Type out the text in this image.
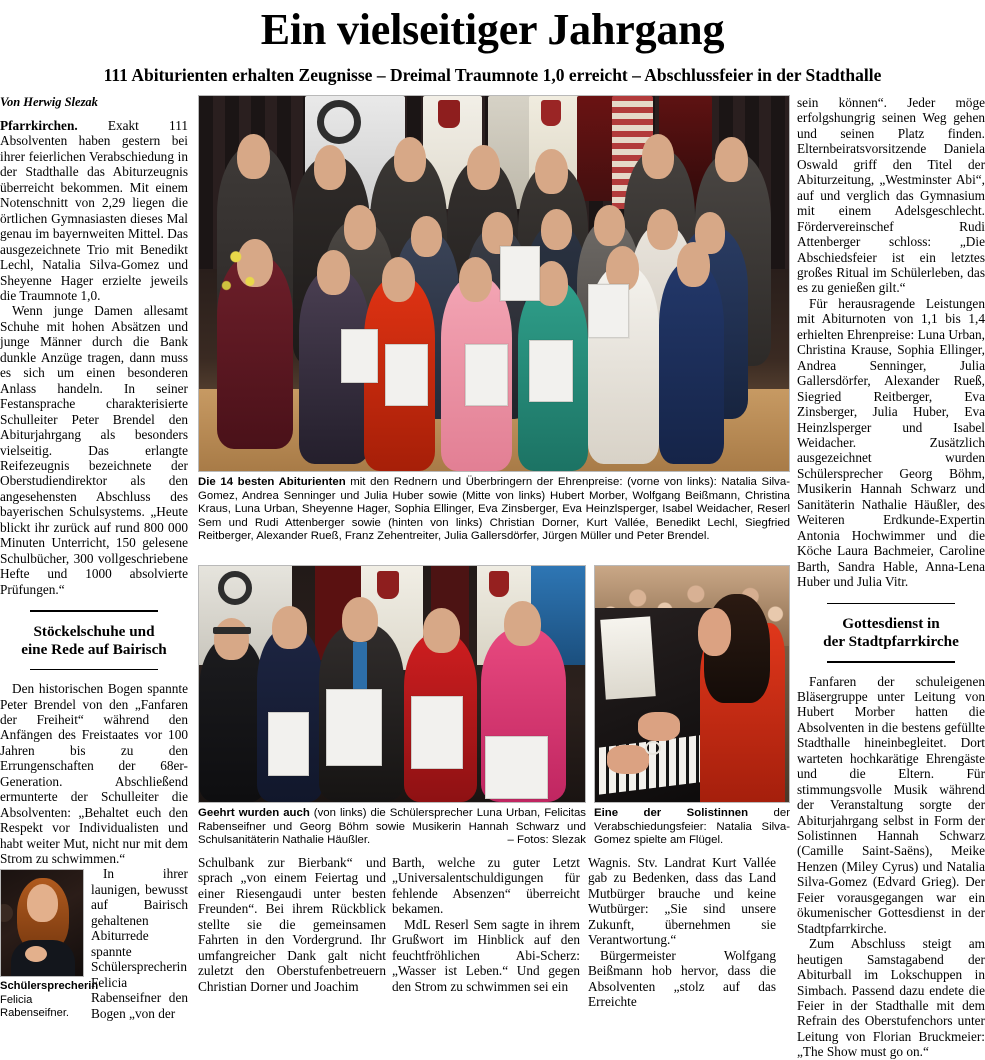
Ein vielseitiger Jahrgang
111 Abiturienten erhalten Zeugnisse – Dreimal Traumnote 1,0 erreicht – Abschlussfeier in der Stadthalle
Von Herwig Slezak

Pfarrkirchen. Exakt 111 Absolventen haben gestern bei ihrer feierlichen Verabschiedung in der Stadthalle das Abiturzeugnis überreicht bekommen. Mit einem Notenschnitt von 2,29 liegen die örtlichen Gymnasiasten dieses Mal genau im bayernweiten Mittel. Das ausgezeichnete Trio mit Benedikt Lechl, Natalia Silva-Gomez und Sheyenne Hager erzielte jeweils die Traumnote 1,0.

Wenn junge Damen allesamt Schuhe mit hohen Absätzen und junge Männer durch die Bank dunkle Anzüge tragen, dann muss es sich um einen besonderen Anlass handeln. In seiner Festansprache charakterisierte Schulleiter Peter Brendel den Abiturjahrgang als besonders vielseitig. Das erlangte Reifezeugnis bezeichnete der Oberstudiendirektor als den angesehensten Abschluss des bayerischen Schulsystems. „Heute blickt ihr zurück auf rund 800 000 Minuten Unterricht, 150 gelesene Schulbücher, 300 vollgeschriebene Hefte und 1000 absolvierte Prüfungen.“

Stöckelschuhe und
eine Rede auf Bairisch

Den historischen Bogen spannte Peter Brendel von den „Fanfaren der Freiheit“ während den Anfängen des Freistaates vor 100 Jahren bis zu den Errungenschaften der 68er-Generation. Abschließend ermunterte der Schulleiter die Absolventen: „Behaltet euch den Respekt vor Individualisten und habt weiter Mut, nicht nur mit dem Strom zu schwimmen.“

Schülersprecherin Felicia Rabenseifner.

In ihrer launigen, bewusst auf Bairisch gehaltenen Abiturrede spannte Schülersprecherin Felicia Rabenseifner den Bogen „von der

Die 14 besten Abiturienten mit den Rednern und Überbringern der Ehrenpreise: (vorne von links): Natalia Silva-Gomez, Andrea Senninger und Julia Huber sowie (Mitte von links) Hubert Morber, Wolfgang Beißmann, Christina Kraus, Luna Urban, Sheyenne Hager, Sophia Ellinger, Eva Zinsberger, Eva Heinzlsperger, Isabel Weidacher, Reserl Sem und Rudi Attenberger sowie (hinten von links) Christian Dorner, Kurt Vallée, Benedikt Lechl, Siegfried Reitberger, Alexander Rueß, Franz Zehentreiter, Julia Gallersdörfer, Jürgen Müller und Peter Brendel.
Geehrt wurden auch (von links) die Schülersprecher Luna Urban, Felicitas Rabenseifner und Georg Böhm sowie Musikerin Hannah Schwarz und Schulsanitäterin Nathalie Häußler.	– Fotos: Slezak
Eine der Solistinnen der Verabschiedungsfeier: Natalia Silva-Gomez spielte am Flügel.

Schulbank zur Bierbank“ und sprach „von einem Feiertag und einer Riesengaudi unter besten Freunden“. Bei ihrem Rückblick stellte sie die gemeinsamen Fahrten in den Vordergrund. Ihr umfangreicher Dank galt nicht zuletzt den Oberstufenbetreuern Christian Dorner und Joachim

Barth, welche zu guter Letzt „Universalentschuldigungen für fehlende Absenzen“ überreicht bekamen.

MdL Reserl Sem sagte in ihrem Grußwort im Hinblick auf den feuchtfröhlichen Abi-Scherz: „Wasser ist Leben.“ Und gegen den Strom zu schwimmen sei ein

Wagnis. Stv. Landrat Kurt Vallée gab zu Bedenken, dass das Land Mutbürger brauche und keine Wutbürger: „Sie sind unsere Zukunft, übernehmen sie Verantwortung.“

Bürgermeister Wolfgang Beißmann hob hervor, dass die Absolventen „stolz auf das Erreichte

sein können“. Jeder möge erfolgshungrig seinen Weg gehen und seinen Platz finden. Elternbeiratsvorsitzende Daniela Oswald griff den Titel der Abiturzeitung, „Westminster Abi“, auf und verglich das Gymnasium mit einem Adelsgeschlecht. Fördervereinschef Rudi Attenberger schloss: „Die Abschiedsfeier ist ein letztes großes Ritual im Schülerleben, das es zu genießen gilt.“

Für herausragende Leistungen mit Abiturnoten von 1,1 bis 1,4 erhielten Ehrenpreise: Luna Urban, Christina Krause, Sophia Ellinger, Andrea Senninger, Julia Gallersdörfer, Alexander Rueß, Siegried Reitberger, Eva Zinsberger, Julia Huber, Eva Heinzlsperger und Isabel Weidacher. Zusätzlich ausgezeichnet wurden Schülersprecher Georg Böhm, Musikerin Hannah Schwarz und Sanitäterin Nathalie Häußler, des Weiteren Erdkunde-Expertin Antonia Hochwimmer und die Köche Laura Bachmeier, Caroline Barth, Sandra Hable, Anna-Lena Huber und Julia Vitr.

Gottesdienst in
der Stadtpfarrkirche

Fanfaren der schuleigenen Bläsergruppe unter Leitung von Hubert Morber hatten die Absolventen in die bestens gefüllte Stadthalle hineinbegleitet. Dort warteten hochkarätige Ehrengäste und die Eltern. Für stimmungsvolle Musik während der Veranstaltung sorgte der Abiturjahrgang selbst in Form der Solistinnen Hannah Schwarz (Camille Saint-Saëns), Meike Henzen (Miley Cyrus) und Natalia Silva-Gomez (Edvard Grieg). Der Feier vorausgegangen war ein ökumenischer Gottesdienst in der Stadtpfarrkirche.

Zum Abschluss steigt am heutigen Samstagabend der Abiturball im Lokschuppen in Simbach. Passend dazu endete die Feier in der Stadthalle mit dem Refrain des Oberstufenchors unter Leitung von Florian Bruckmeier: „The Show must go on.“
